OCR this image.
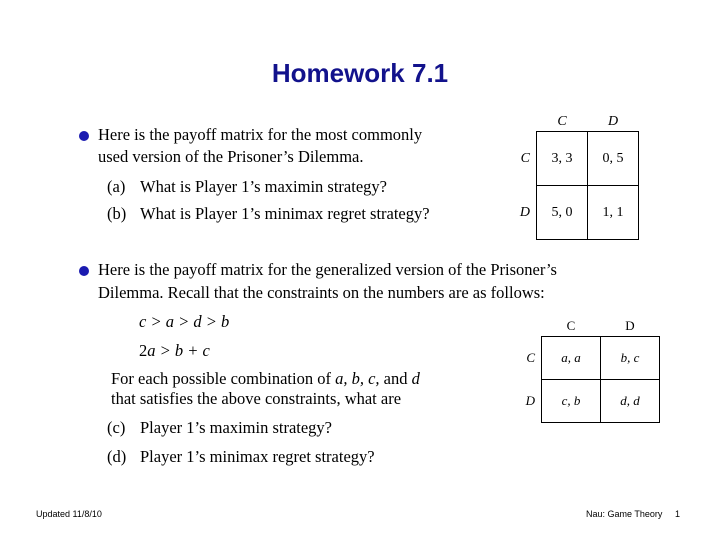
Homework 7.1
Here is the payoff matrix for the most commonly
used version of the Prisoner’s Dilemma.
(a) What is Player 1’s maximin strategy?
(b) What is Player 1’s minimax regret strategy?
	C	D
C	3, 3	0, 5
D	5, 0	1, 1
Here is the payoff matrix for the generalized version of the Prisoner’s
Dilemma. Recall that the constraints on the numbers are as follows:
c > a > d > b
2a > b + c
For each possible combination of a, b, c, and d
that satisfies the above constraints, what are
(c) Player 1’s maximin strategy?
(d) Player 1’s minimax regret strategy?
	C	D
C	a, a	b, c
D	c, b	d, d
Updated 11/8/10	Nau: Game Theory 1
